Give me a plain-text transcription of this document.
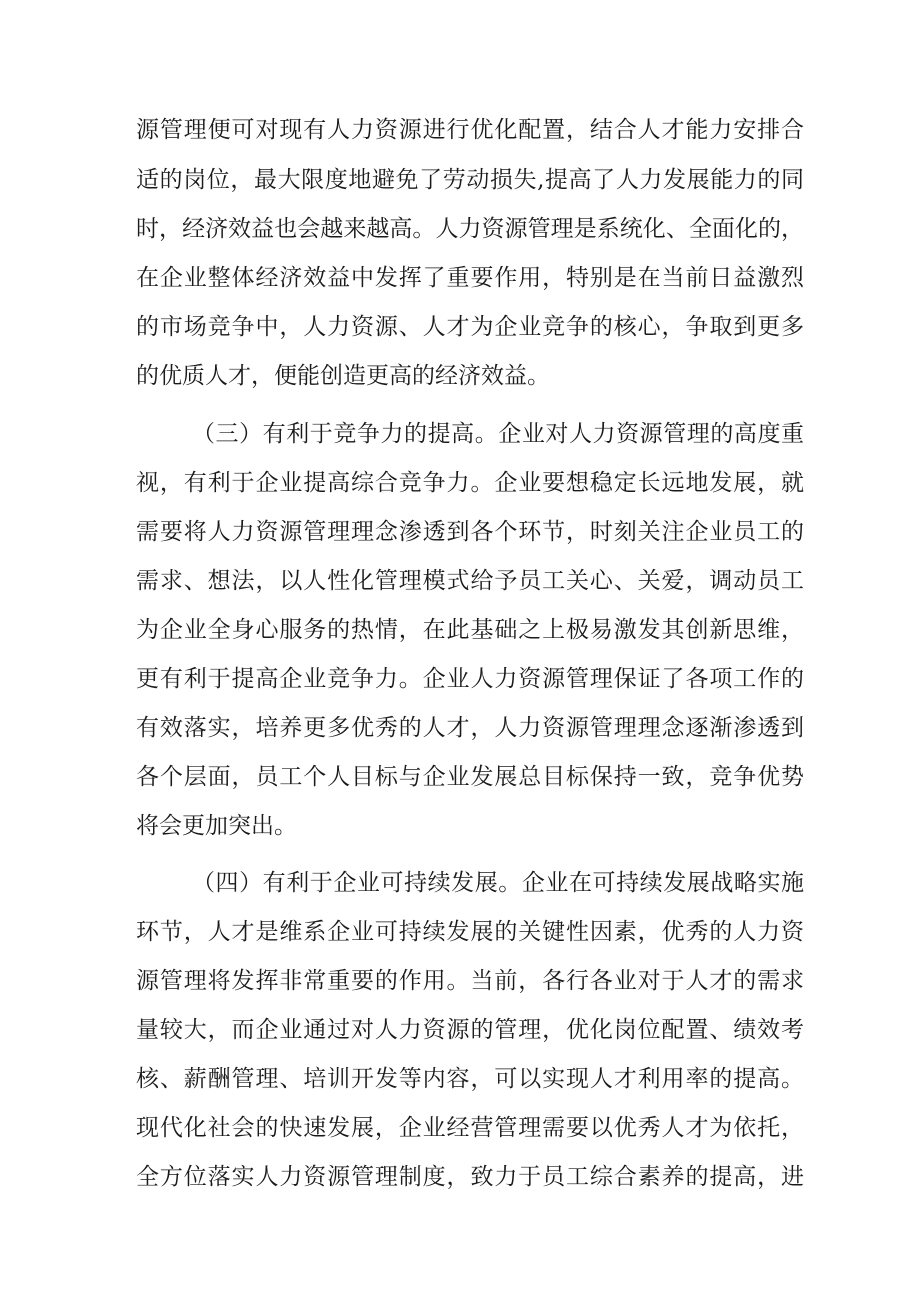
源管理便可对现有人力资源进行优化配置，结合人才能力安排合
适的岗位，最大限度地避免了劳动损失,提高了人力发展能力的同
时，经济效益也会越来越高。人力资源管理是系统化、全面化的，
在企业整体经济效益中发挥了重要作用，特别是在当前日益激烈
的市场竞争中，人力资源、人才为企业竞争的核心，争取到更多
的优质人才，便能创造更高的经济效益。
（三）有利于竞争力的提高。企业对人力资源管理的高度重
视，有利于企业提高综合竞争力。企业要想稳定长远地发展，就
需要将人力资源管理理念渗透到各个环节，时刻关注企业员工的
需求、想法，以人性化管理模式给予员工关心、关爱，调动员工
为企业全身心服务的热情，在此基础之上极易激发其创新思维，
更有利于提高企业竞争力。企业人力资源管理保证了各项工作的
有效落实，培养更多优秀的人才，人力资源管理理念逐渐渗透到
各个层面，员工个人目标与企业发展总目标保持一致，竞争优势
将会更加突出。
（四）有利于企业可持续发展。企业在可持续发展战略实施
环节，人才是维系企业可持续发展的关键性因素，优秀的人力资
源管理将发挥非常重要的作用。当前，各行各业对于人才的需求
量较大，而企业通过对人力资源的管理，优化岗位配置、绩效考
核、薪酬管理、培训开发等内容，可以实现人才利用率的提高。
现代化社会的快速发展，企业经营管理需要以优秀人才为依托，
全方位落实人力资源管理制度，致力于员工综合素养的提高，进
